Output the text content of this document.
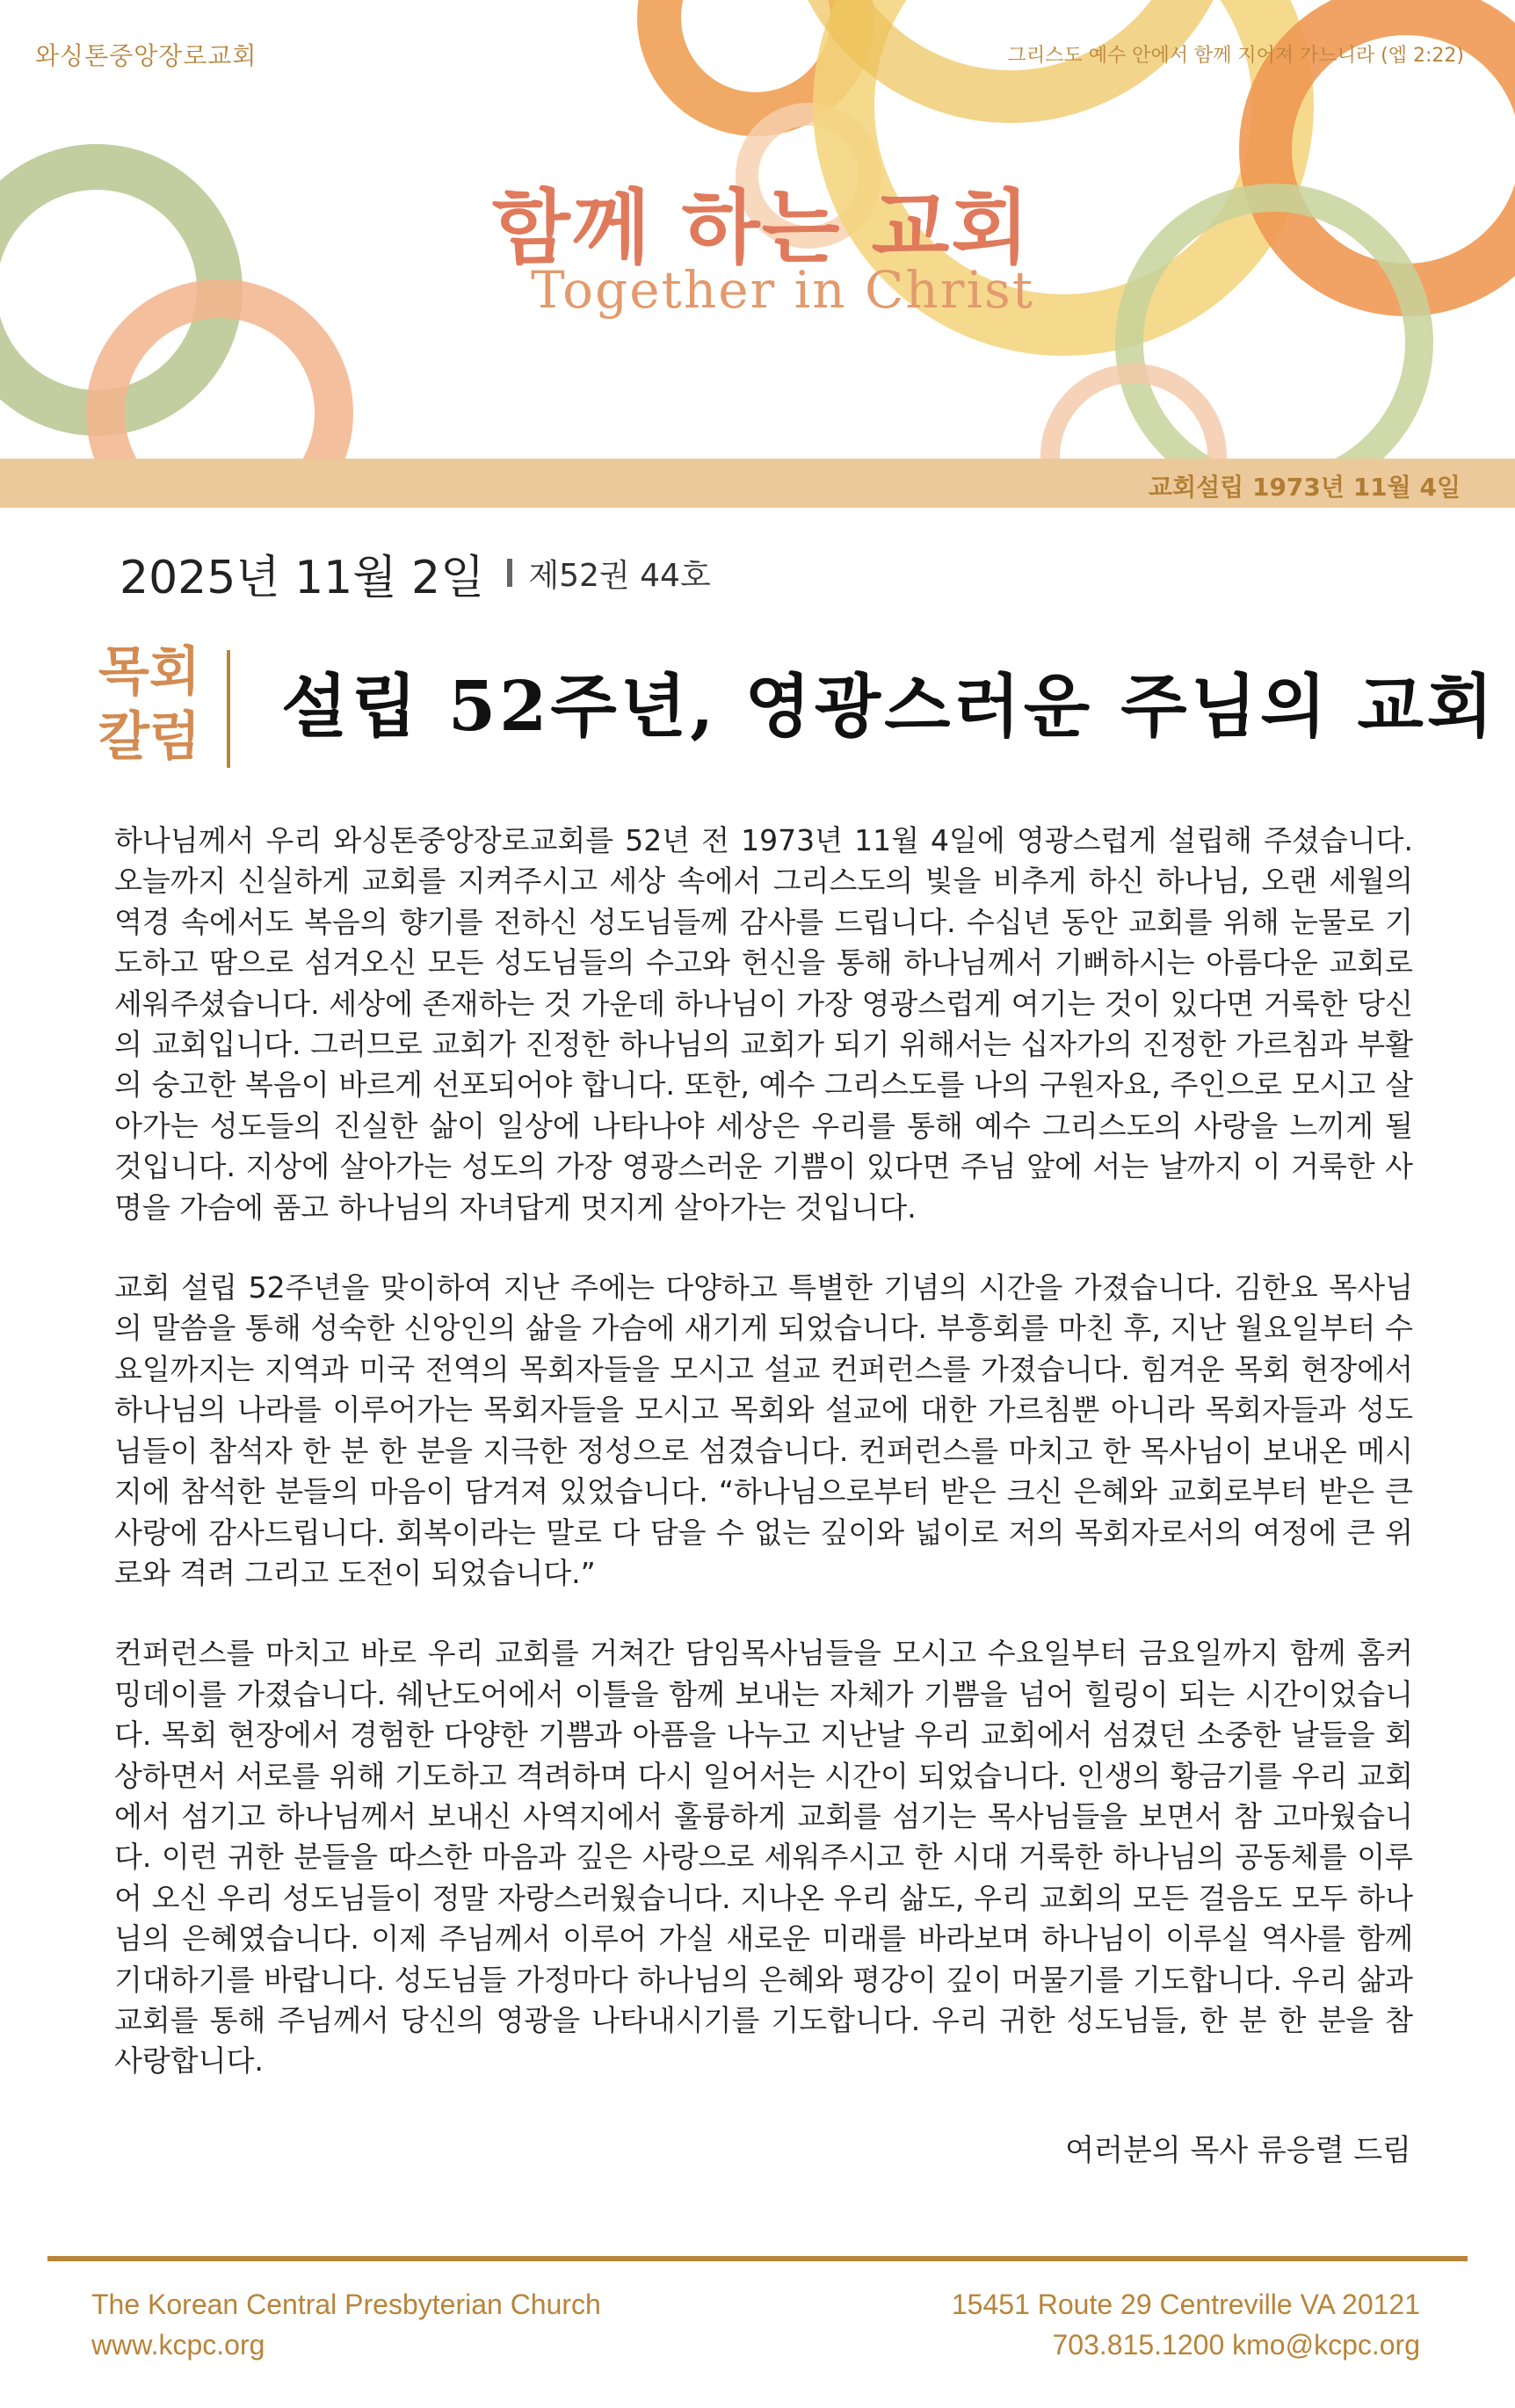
와싱톤중앙장로교회	그리스도 예수 안에서 함께 지어져 가느니라 (엡 2:22)
함께 하는 교회
Together in Christ
교회설립 1973년 11월 4일
2025년 11월 2일 제52권 44호
목회
칼럼	설립 52주년, 영광스러운 주님의 교회

하나님께서 우리 와싱톤중앙장로교회를 52년 전 1973년 11월 4일에 영광스럽게 설립해 주셨습니다. 오늘까지 신실하게 교회를 지켜주시고 세상 속에서 그리스도의 빛을 비추게 하신 하나님, 오랜 세월의 역경 속에서도 복음의 향기를 전하신 성도님들께 감사를 드립니다. 수십년 동안 교회를 위해 눈물로 기도하고 땀으로 섬겨오신 모든 성도님들의 수고와 헌신을 통해 하나님께서 기뻐하시는 아름다운 교회로 세워주셨습니다. 세상에 존재하는 것 가운데 하나님이 가장 영광스럽게 여기는 것이 있다면 거룩한 당신의 교회입니다. 그러므로 교회가 진정한 하나님의 교회가 되기 위해서는 십자가의 진정한 가르침과 부활의 숭고한 복음이 바르게 선포되어야 합니다. 또한, 예수 그리스도를 나의 구원자요, 주인으로 모시고 살아가는 성도들의 진실한 삶이 일상에 나타나야 세상은 우리를 통해 예수 그리스도의 사랑을 느끼게 될 것입니다. 지상에 살아가는 성도의 가장 영광스러운 기쁨이 있다면 주님 앞에 서는 날까지 이 거룩한 사명을 가슴에 품고 하나님의 자녀답게 멋지게 살아가는 것입니다.

교회 설립 52주년을 맞이하여 지난 주에는 다양하고 특별한 기념의 시간을 가졌습니다. 김한요 목사님의 말씀을 통해 성숙한 신앙인의 삶을 가슴에 새기게 되었습니다. 부흥회를 마친 후, 지난 월요일부터 수요일까지는 지역과 미국 전역의 목회자들을 모시고 설교 컨퍼런스를 가졌습니다. 힘겨운 목회 현장에서 하나님의 나라를 이루어가는 목회자들을 모시고 목회와 설교에 대한 가르침뿐 아니라 목회자들과 성도님들이 참석자 한 분 한 분을 지극한 정성으로 섬겼습니다. 컨퍼런스를 마치고 한 목사님이 보내온 메시지에 참석한 분들의 마음이 담겨져 있었습니다. “하나님으로부터 받은 크신 은혜와 교회로부터 받은 큰 사랑에 감사드립니다. 회복이라는 말로 다 담을 수 없는 깊이와 넓이로 저의 목회자로서의 여정에 큰 위로와 격려 그리고 도전이 되었습니다.”

컨퍼런스를 마치고 바로 우리 교회를 거쳐간 담임목사님들을 모시고 수요일부터 금요일까지 함께 홈커밍데이를 가졌습니다. 쉐난도어에서 이틀을 함께 보내는 자체가 기쁨을 넘어 힐링이 되는 시간이었습니다. 목회 현장에서 경험한 다양한 기쁨과 아픔을 나누고 지난날 우리 교회에서 섬겼던 소중한 날들을 회상하면서 서로를 위해 기도하고 격려하며 다시 일어서는 시간이 되었습니다. 인생의 황금기를 우리 교회에서 섬기고 하나님께서 보내신 사역지에서 훌륭하게 교회를 섬기는 목사님들을 보면서 참 고마웠습니다. 이런 귀한 분들을 따스한 마음과 깊은 사랑으로 세워주시고 한 시대 거룩한 하나님의 공동체를 이루어 오신 우리 성도님들이 정말 자랑스러웠습니다. 지나온 우리 삶도, 우리 교회의 모든 걸음도 모두 하나님의 은혜였습니다. 이제 주님께서 이루어 가실 새로운 미래를 바라보며 하나님이 이루실 역사를 함께 기대하기를 바랍니다. 성도님들 가정마다 하나님의 은혜와 평강이 깊이 머물기를 기도합니다. 우리 삶과 교회를 통해 주님께서 당신의 영광을 나타내시기를 기도합니다. 우리 귀한 성도님들, 한 분 한 분을 참 사랑합니다.

여러분의 목사 류응렬 드림
The Korean Central Presbyterian Church
www.kcpc.org
15451 Route 29 Centreville VA 20121
703.815.1200 kmo@kcpc.org
